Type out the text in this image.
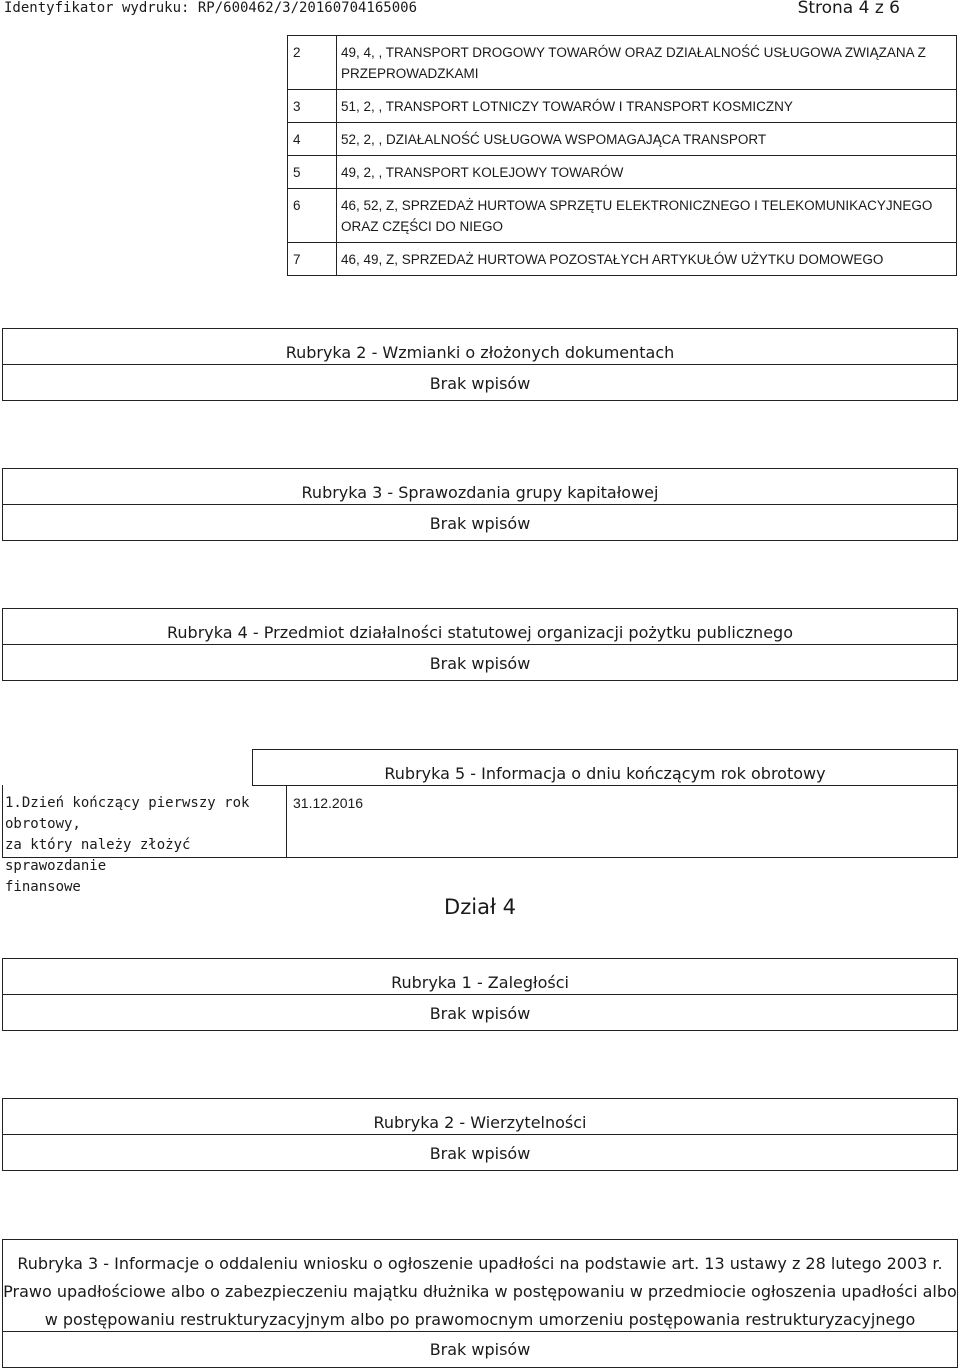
Identyfikator wydruku: RP/600462/3/20160704165006	Strona 4 z 6
2	49, 4, , TRANSPORT DROGOWY TOWARÓW ORAZ DZIAŁALNOŚĆ USŁUGOWA ZWIĄZANA Z
PRZEPROWADZKAMI
3	51, 2, , TRANSPORT LOTNICZY TOWARÓW I TRANSPORT KOSMICZNY
4	52, 2, , DZIAŁALNOŚĆ USŁUGOWA WSPOMAGAJĄCA TRANSPORT
5	49, 2, , TRANSPORT KOLEJOWY TOWARÓW
6	46, 52, Z, SPRZEDAŻ HURTOWA SPRZĘTU ELEKTRONICZNEGO I TELEKOMUNIKACYJNEGO
ORAZ CZĘŚCI DO NIEGO
7	46, 49, Z, SPRZEDAŻ HURTOWA POZOSTAŁYCH ARTYKUŁÓW UŻYTKU DOMOWEGO
Rubryka 2 - Wzmianki o złożonych dokumentach
Brak wpisów
Rubryka 3 - Sprawozdania grupy kapitałowej
Brak wpisów
Rubryka 4 - Przedmiot działalności statutowej organizacji pożytku publicznego
Brak wpisów
Rubryka 5 - Informacja o dniu kończącym rok obrotowy
1.Dzień kończący pierwszy rok obrotowy,
za który należy złożyć sprawozdanie
finansowe
31.12.2016
Dział 4
Rubryka 1 - Zaległości
Brak wpisów
Rubryka 2 - Wierzytelności
Brak wpisów
Rubryka 3 - Informacje o oddaleniu wniosku o ogłoszenie upadłości na podstawie art. 13 ustawy z 28 lutego 2003 r.
Prawo upadłościowe albo o zabezpieczeniu majątku dłużnika w postępowaniu w przedmiocie ogłoszenia upadłości albo
w postępowaniu restrukturyzacyjnym albo po prawomocnym umorzeniu postępowania restrukturyzacyjnego
Brak wpisów
